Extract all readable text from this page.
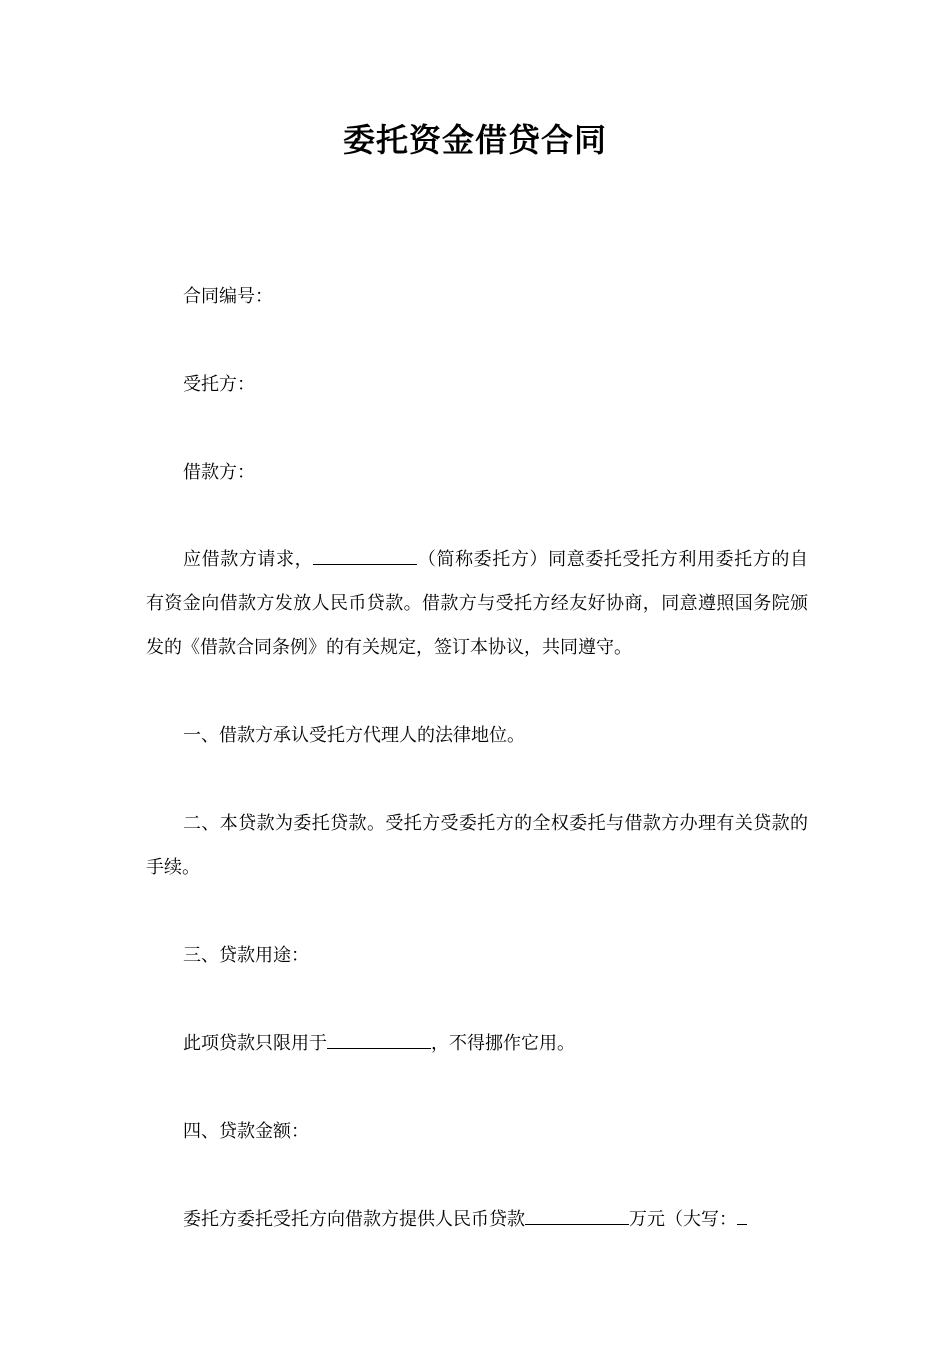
委托资金借贷合同
合同编号：
受托方：
借款方：
应借款方请求，	（简称委托方）同意委托受托方利用委托方的自有资金向借款方发放人民币贷款。借款方与受托方经友好协商，同意遵照国务院颁发的《借款合同条例》的有关规定，签订本协议，共同遵守。
一、借款方承认受托方代理人的法律地位。
二、本贷款为委托贷款。受托方受委托方的全权委托与借款方办理有关贷款的手续。
三、贷款用途：
此项贷款只限用于	，不得挪作它用。
四、贷款金额：
委托方委托受托方向借款方提供人民币贷款	万元（大写：
